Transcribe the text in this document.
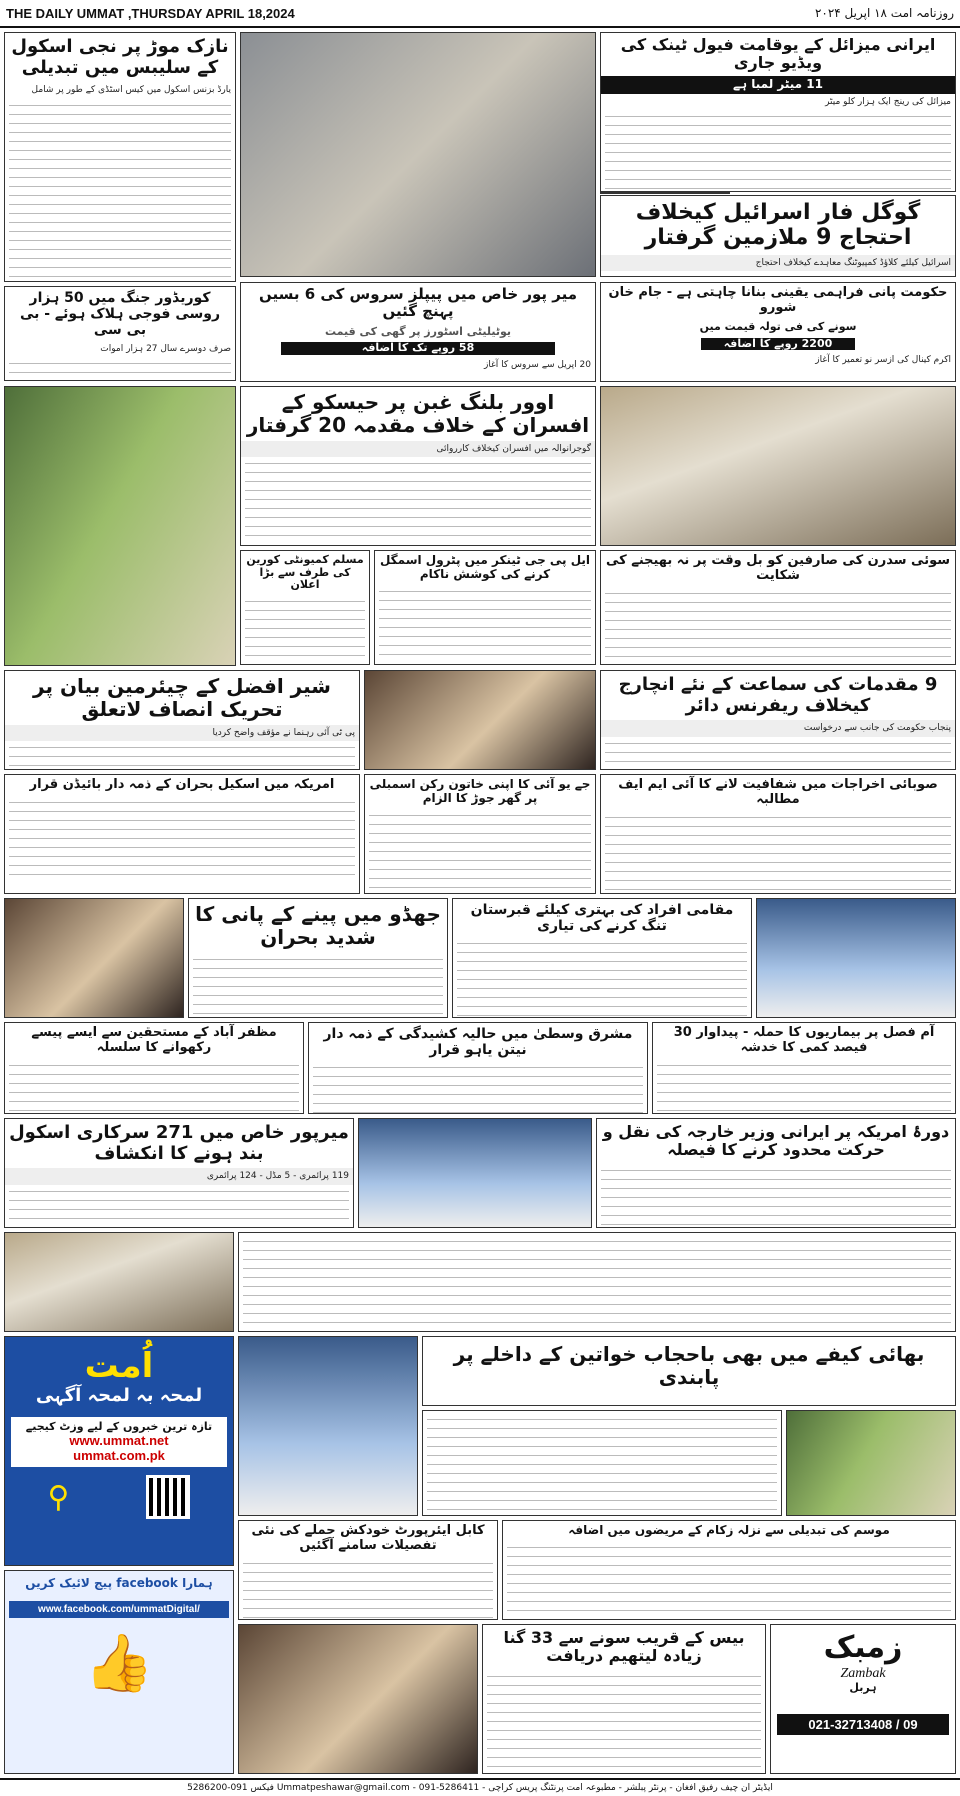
THE DAILY UMMAT ,THURSDAY APRIL 18,2024	روزنامہ امت ۱۸ اپریل ۲۰۲۴
نازک موڑ پر نجی اسکول کے سلیبس میں تبدیلی
یارڈ بزنس اسکول میں کیس اسٹڈی کے طور پر شامل
ایرانی میزائل کے یوقامت فیول ٹینک کی ویڈیو جاری
11 میٹر لمبا ہے
میزائل کی رینج ایک ہزار کلو میٹر
گوگل فار اسرائیل کیخلاف احتجاج 9 ملازمین گرفتار
اسرائیل کیلئے کلاؤڈ کمپیوٹنگ معاہدے کیخلاف احتجاج
کوریڈور جنگ میں 50 ہزار روسی فوجی ہلاک ہوئے - بی بی سی
صرف دوسرے سال 27 ہزار اموات
میر پور خاص میں پیپلز سروس کی 6 بسیں پہنچ گئیں
یوٹیلیٹی اسٹورز پر گھی کی قیمت
58 روپے تک کا اضافہ
20 اپریل سے سروس کا آغاز
حکومت پانی فراہمی یقینی بنانا چاہتی ہے - جام خان شورو
سونے کی فی تولہ قیمت میں
2200 روپے کا اضافہ
اکرم کینال کی ازسر نو تعمیر کا آغاز
اوور بلنگ غبن پر حیسکو کے افسران کے خلاف مقدمہ 20 گرفتار
گوجرانوالہ میں افسران کیخلاف کارروائی
مسلم کمیونٹی کورین کی طرف سے بڑا اعلان
ایل پی جی ٹینکر میں پٹرول اسمگل کرنے کی کوشش ناکام
سوئی سدرن کی صارفین کو بل وقت پر نہ بھیجنے کی شکایت
شیر افضل کے چیئرمین بیان پر تحریک انصاف لاتعلق
پی ٹی آئی رہنما نے مؤقف واضح کردیا
9 مقدمات کی سماعت کے نئے انچارج کیخلاف ریفرنس دائر
پنجاب حکومت کی جانب سے درخواست
امریکہ میں اسکیل بحران کے ذمہ دار بائیڈن قرار	جے یو آئی کا اپنی خاتون رکن اسمبلی پر گھر جوڑ کا الزام
صوبائی اخراجات میں شفافیت لانے کا آئی ایم ایف مطالبہ
جھڈو میں پینے کے پانی کا شدید بحران
مقامی افراد کی بہتری کیلئے قبرستان تنگ کرنے کی تیاری
مظفر آباد کے مستحقین سے ایسے پیسے رکھوانے کا سلسلہ
مشرق وسطیٰ میں حالیہ کشیدگی کے ذمہ دار نیتن یاہو قرار
آم فصل پر بیماریوں کا حملہ - پیداوار 30 فیصد کمی کا خدشہ
میرپور خاص میں 271 سرکاری اسکول بند ہونے کا انکشاف
119 پرائمری - 5 مڈل - 124 پرائمری
دورۂ امریکہ پر ایرانی وزیر خارجہ کی نقل و حرکت محدود کرنے کا فیصلہ
اُمت
لمحہ بہ لمحہ آگہی
تازہ ترین خبروں کے لیے وزٹ کیجیے
www.ummat.net
ummat.com.pk
⚲
ہمارا facebook پیج لائیک کریں
www.facebook.com/ummatDigital/
👍
بھائی کیفے میں بھی باحجاب خواتین کے داخلے پر پابندی
کابل ایئرپورٹ خودکش حملے کی نئی تفصیلات سامنے آگئیں
موسم کی تبدیلی سے نزلہ زکام کے مریضوں میں اضافہ
بیس کے قریب سونے سے 33 گنا زیادہ لیتھیم دریافت	زمبک
Zambak
ہربل
021-32713408 / 09
ایڈیٹر ان چیف رفیق افغان - پرنٹر پبلشر - مطبوعہ امت پرنٹنگ پریس کراچی - Ummatpeshawar@gmail.com - 091-5286411 فیکس 091-5286200
